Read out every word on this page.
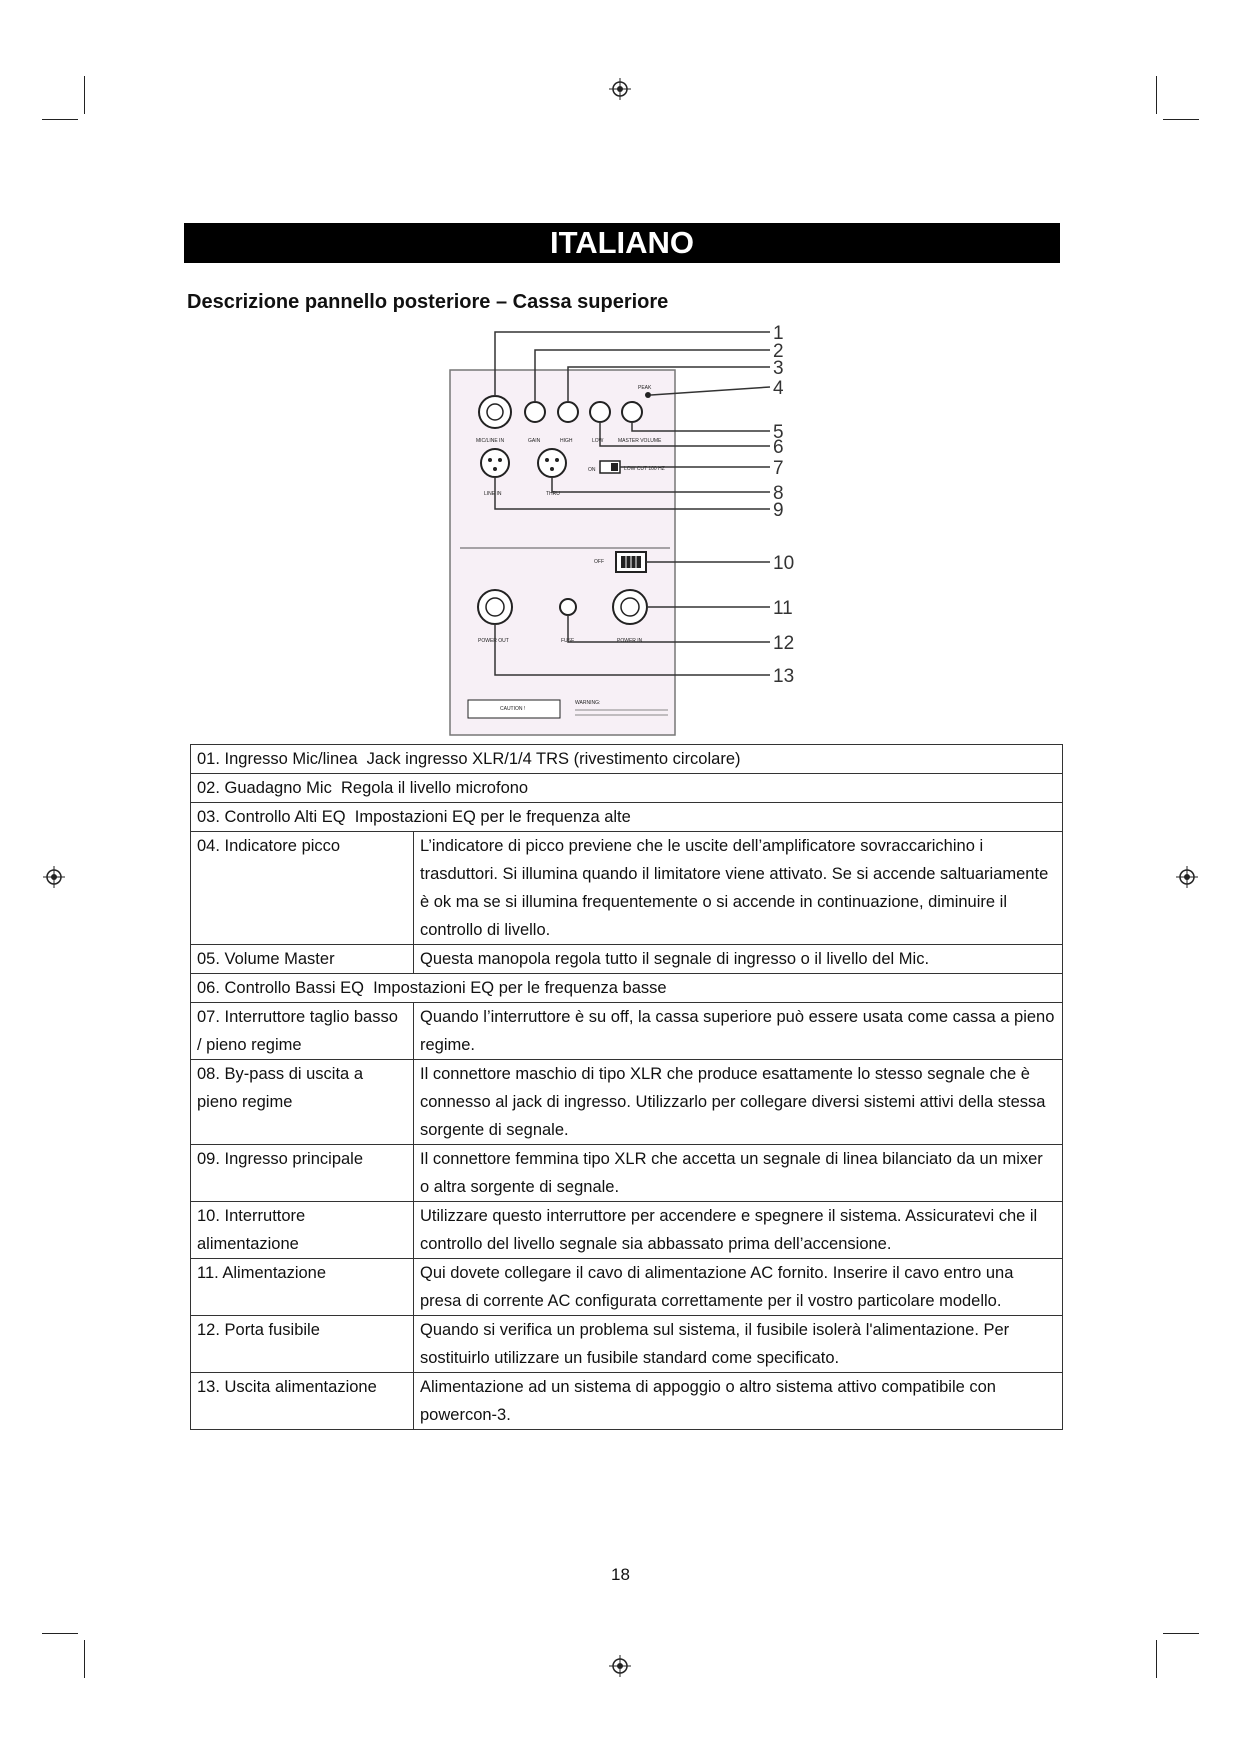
ITALIANO
Descrizione pannello posteriore – Cassa superiore
MIC/LINE IN	GAIN	HIGH	LOW	MASTER VOLUME
PEAK
LINE IN	THRU
ON	LOW CUT 100 HZ
OFF
POWER OUT	FUSE	POWER IN
CAUTION !
WARNING:
1
2
3
4
5
6
7
8
9
10
11
12
13
01. Ingresso Mic/linea Jack ingresso XLR/1/4 TRS (rivestimento circolare)	
02. Guadagno Mic Regola il livello microfono	
03. Controllo Alti EQ Impostazioni EQ per le frequenza alte	
04. Indicatore picco	L’indicatore di picco previene che le uscite dell’amplificatore sovraccarichino i trasduttori. Si illumina quando il limitatore viene attivato. Se si accende saltuariamente è ok ma se si illumina frequentemente o si accende in continuazione, diminuire il controllo di livello.
05. Volume Master	Questa manopola regola tutto il segnale di ingresso o il livello del Mic.
06. Controllo Bassi EQ Impostazioni EQ per le frequenza basse	
07. Interruttore taglio basso / pieno regime	Quando l’interruttore è su off, la cassa superiore può essere usata come cassa a pieno regime.
08. By-pass di uscita a pieno regime	Il connettore maschio di tipo XLR che produce esattamente lo stesso segnale che è connesso al jack di ingresso. Utilizzarlo per collegare diversi sistemi attivi della stessa sorgente di segnale.
09. Ingresso principale	Il connettore femmina tipo XLR che accetta un segnale di linea bilanciato da un mixer o altra sorgente di segnale.
10. Interruttore alimentazione	Utilizzare questo interruttore per accendere e spegnere il sistema. Assicuratevi che il controllo del livello segnale sia abbassato prima dell’accensione.
11. Alimentazione	Qui dovete collegare il cavo di alimentazione AC fornito. Inserire il cavo entro una presa di corrente AC configurata correttamente per il vostro particolare modello.
12. Porta fusibile	Quando si verifica un problema sul sistema, il fusibile isolerà l'alimentazione. Per sostituirlo utilizzare un fusibile standard come specificato.
13. Uscita alimentazione	Alimentazione ad un sistema di appoggio o altro sistema attivo compatibile con powercon-3.
18
